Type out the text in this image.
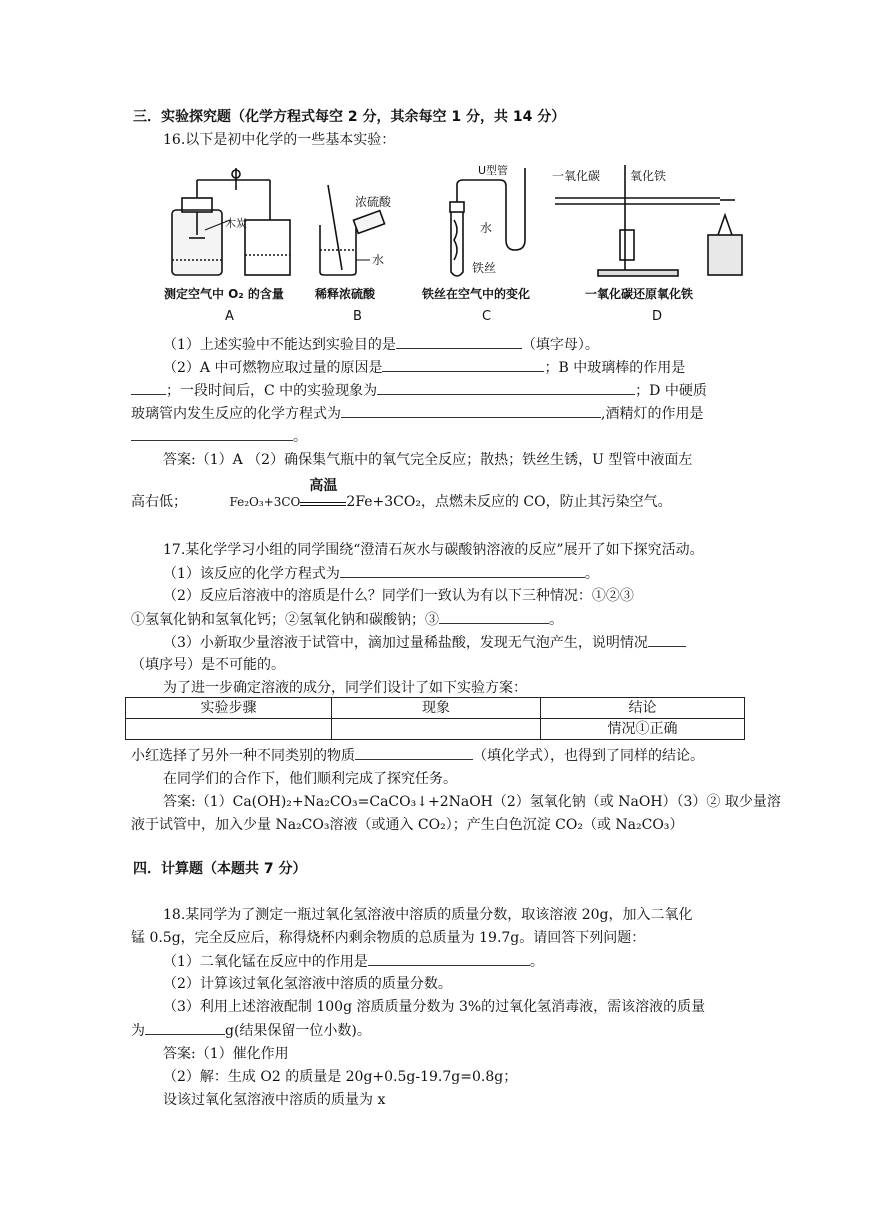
三．实验探究题（化学方程式每空 2 分，其余每空 1 分，共 14 分）
16.以下是初中化学的一些基本实验：
木炭
测定空气中 O₂ 的含量
A
浓硫酸
水
稀释浓硫酸
B
U型管
水
铁丝
铁丝在空气中的变化
C
一氧化碳 氧化铁
一氧化碳还原氧化铁
D
（1）上述实验中不能达到实验目的是	（填字母）。
（2）A 中可燃物应取过量的原因是	；B 中玻璃棒的作用是
；一段时间后，C 中的实验现象为	；D 中硬质
玻璃管内发生反应的化学方程式为	,酒精灯的作用是
。
答案:（1）A （2）确保集气瓶中的氧气完全反应；散热；铁丝生锈，U 型管中液面左
高右低；	Fe₂O₃+3CO
高温
2Fe+3CO₂，点燃未反应的 CO，防止其污染空气。
17.某化学学习小组的同学围绕“澄清石灰水与碳酸钠溶液的反应”展开了如下探究活动。
（1）该反应的化学方程式为	。
（2）反应后溶液中的溶质是什么？同学们一致认为有以下三种情况：①②③
①氢氧化钠和氢氧化钙；②氢氧化钠和碳酸钠；③	。
（3）小新取少量溶液于试管中，滴加过量稀盐酸，发现无气泡产生，说明情况
（填序号）是不可能的。
为了进一步确定溶液的成分，同学们设计了如下实验方案：
实验步骤	现象	结论
		情况①正确
小红选择了另外一种不同类别的物质	（填化学式），也得到了同样的结论。
在同学们的合作下，他们顺利完成了探究任务。
答案:（1）Ca(OH)₂+Na₂CO₃=CaCO₃↓+2NaOH（2）氢氧化钠（或 NaOH）（3）② 取少量溶
液于试管中，加入少量 Na₂CO₃溶液（或通入 CO₂）；产生白色沉淀 CO₂（或 Na₂CO₃）
四．计算题（本题共 7 分）
18.某同学为了测定一瓶过氧化氢溶液中溶质的质量分数，取该溶液 20g，加入二氧化
锰 0.5g，完全反应后，称得烧杯内剩余物质的总质量为 19.7g。请回答下列问题：
（1）二氧化锰在反应中的作用是	。
（2）计算该过氧化氢溶液中溶质的质量分数。
（3）利用上述溶液配制 100g 溶质质量分数为 3%的过氧化氢消毒液，需该溶液的质量
为	g(结果保留一位小数)。
答案:（1）催化作用
（2）解：生成 O2 的质量是 20g+0.5g-19.7g=0.8g；
设该过氧化氢溶液中溶质的质量为 x
